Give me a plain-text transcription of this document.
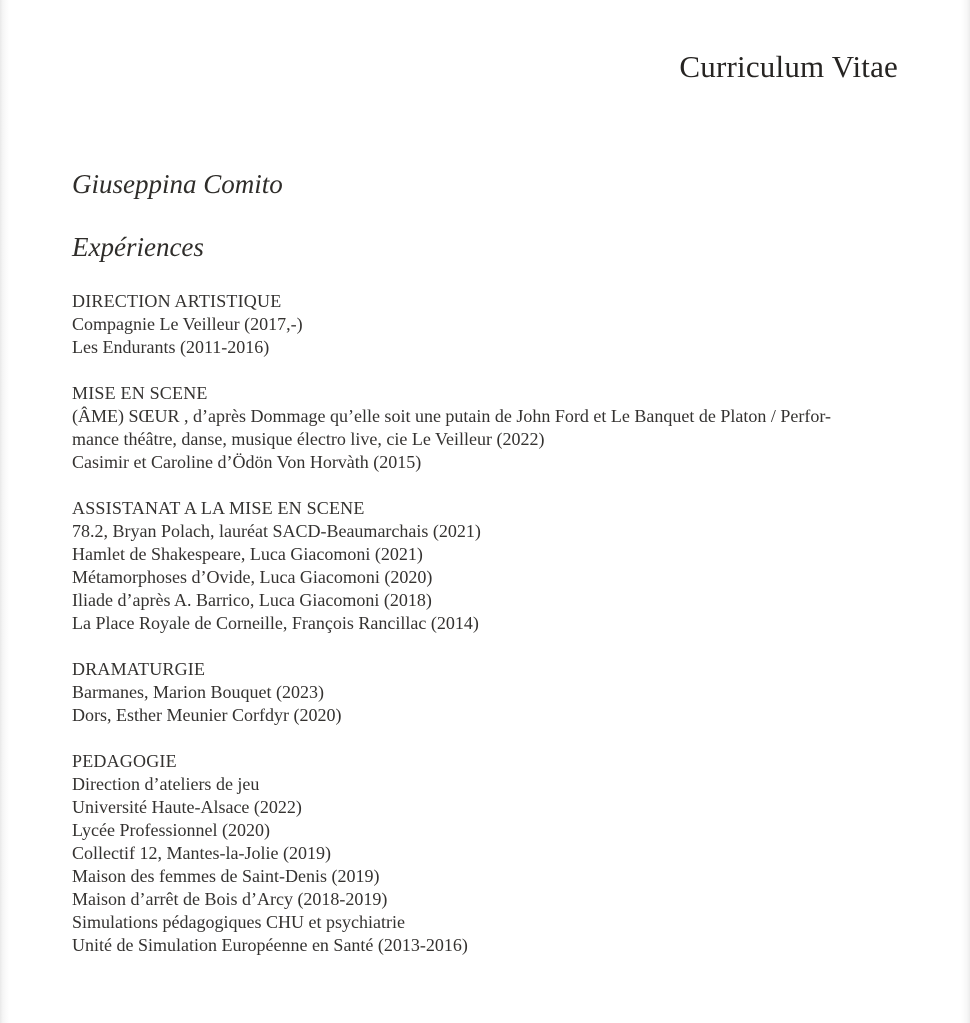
Curriculum Vitae
Giuseppina Comito
Expériences
DIRECTION ARTISTIQUE
Compagnie Le Veilleur (2017,-)
Les Endurants (2011-2016)
MISE EN SCENE
(ÂME) SŒUR , d’après Dommage qu’elle soit une putain de John Ford et Le Banquet de Platon / Perfor-
mance théâtre, danse, musique électro live, cie Le Veilleur (2022)
Casimir et Caroline d’Ödön Von Horvàth (2015)
ASSISTANAT A LA MISE EN SCENE
78.2, Bryan Polach, lauréat SACD-Beaumarchais (2021)
Hamlet de Shakespeare, Luca Giacomoni (2021)
Métamorphoses d’Ovide, Luca Giacomoni (2020)
Iliade d’après A. Barrico, Luca Giacomoni (2018)
La Place Royale de Corneille, François Rancillac (2014)
DRAMATURGIE
Barmanes, Marion Bouquet (2023)
Dors, Esther Meunier Corfdyr (2020)
PEDAGOGIE
Direction d’ateliers de jeu
Université Haute-Alsace (2022)
Lycée Professionnel (2020)
Collectif 12, Mantes-la-Jolie (2019)
Maison des femmes de Saint-Denis (2019)
Maison d’arrêt de Bois d’Arcy (2018-2019)
Simulations pédagogiques CHU et psychiatrie
Unité de Simulation Européenne en Santé (2013-2016)
